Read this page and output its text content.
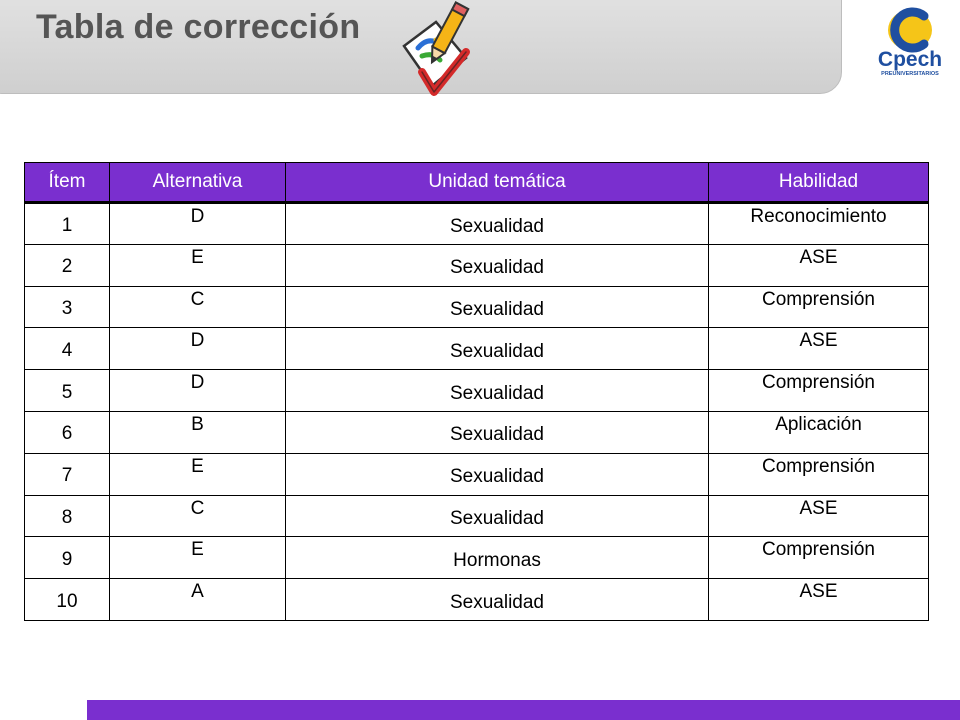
Tabla de corrección
Cpech
PREUNIVERSITARIOS
Ítem	Alternativa	Unidad temática	Habilidad
1	D	Sexualidad	Reconocimiento
2	E	Sexualidad	ASE
3	C	Sexualidad	Comprensión
4	D	Sexualidad	ASE
5	D	Sexualidad	Comprensión
6	B	Sexualidad	Aplicación
7	E	Sexualidad	Comprensión
8	C	Sexualidad	ASE
9	E	Hormonas	Comprensión
10	A	Sexualidad	ASE
